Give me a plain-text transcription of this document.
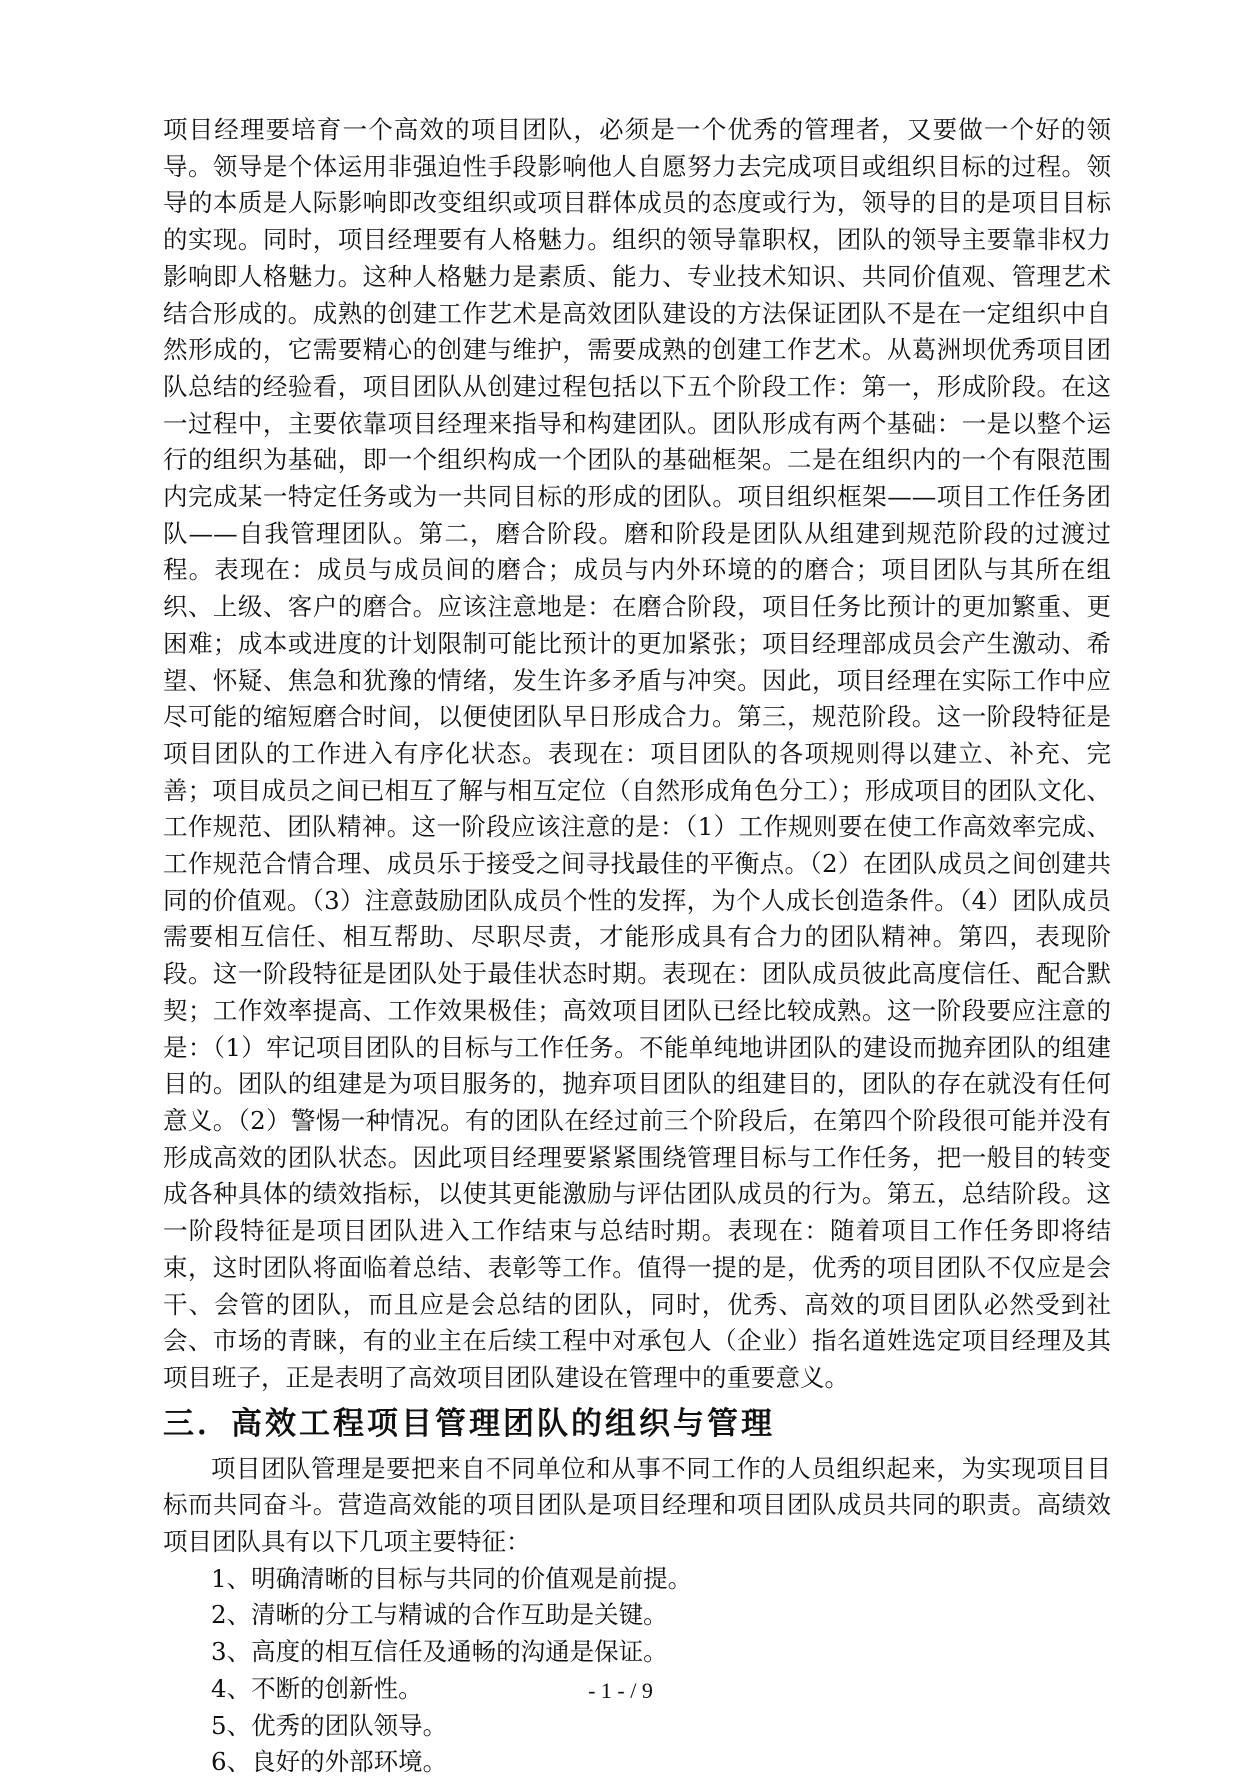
项目经理要培育一个高效的项目团队，必须是一个优秀的管理者，又要做一个好的领导。领导是个体运用非强迫性手段影响他人自愿努力去完成项目或组织目标的过程。领导的本质是人际影响即改变组织或项目群体成员的态度或行为，领导的目的是项目目标的实现。同时，项目经理要有人格魅力。组织的领导靠职权，团队的领导主要靠非权力影响即人格魅力。这种人格魅力是素质、能力、专业技术知识、共同价值观、管理艺术结合形成的。成熟的创建工作艺术是高效团队建设的方法保证团队不是在一定组织中自然形成的，它需要精心的创建与维护，需要成熟的创建工作艺术。从葛洲坝优秀项目团队总结的经验看，项目团队从创建过程包括以下五个阶段工作：第一，形成阶段。在这一过程中，主要依靠项目经理来指导和构建团队。团队形成有两个基础：一是以整个运行的组织为基础，即一个组织构成一个团队的基础框架。二是在组织内的一个有限范围内完成某一特定任务或为一共同目标的形成的团队。项目组织框架——项目工作任务团队——自我管理团队。第二，磨合阶段。磨和阶段是团队从组建到规范阶段的过渡过程。表现在：成员与成员间的磨合；成员与内外环境的的磨合；项目团队与其所在组织、上级、客户的磨合。应该注意地是：在磨合阶段，项目任务比预计的更加繁重、更困难；成本或进度的计划限制可能比预计的更加紧张；项目经理部成员会产生激动、希望、怀疑、焦急和犹豫的情绪，发生许多矛盾与冲突。因此，项目经理在实际工作中应尽可能的缩短磨合时间，以便使团队早日形成合力。第三，规范阶段。这一阶段特征是项目团队的工作进入有序化状态。表现在：项目团队的各项规则得以建立、补充、完善；项目成员之间已相互了解与相互定位（自然形成角色分工）；形成项目的团队文化、工作规范、团队精神。这一阶段应该注意的是：（1）工作规则要在使工作高效率完成、工作规范合情合理、成员乐于接受之间寻找最佳的平衡点。（2）在团队成员之间创建共同的价值观。（3）注意鼓励团队成员个性的发挥，为个人成长创造条件。（4）团队成员需要相互信任、相互帮助、尽职尽责，才能形成具有合力的团队精神。第四，表现阶段。这一阶段特征是团队处于最佳状态时期。表现在：团队成员彼此高度信任、配合默契；工作效率提高、工作效果极佳；高效项目团队已经比较成熟。这一阶段要应注意的是：（1）牢记项目团队的目标与工作任务。不能单纯地讲团队的建设而抛弃团队的组建目的。团队的组建是为项目服务的，抛弃项目团队的组建目的，团队的存在就没有任何意义。（2）警惕一种情况。有的团队在经过前三个阶段后，在第四个阶段很可能并没有形成高效的团队状态。因此项目经理要紧紧围绕管理目标与工作任务，把一般目的转变成各种具体的绩效指标，以使其更能激励与评估团队成员的行为。第五，总结阶段。这一阶段特征是项目团队进入工作结束与总结时期。表现在：随着项目工作任务即将结束，这时团队将面临着总结、表彰等工作。值得一提的是，优秀的项目团队不仅应是会干、会管的团队，而且应是会总结的团队，同时，优秀、高效的项目团队必然受到社会、市场的青睐，有的业主在后续工程中对承包人（企业）指名道姓选定项目经理及其项目班子，正是表明了高效项目团队建设在管理中的重要意义。

三．高效工程项目管理团队的组织与管理

项目团队管理是要把来自不同单位和从事不同工作的人员组织起来，为实现项目目标而共同奋斗。营造高效能的项目团队是项目经理和项目团队成员共同的职责。高绩效项目团队具有以下几项主要特征：

1、明确清晰的目标与共同的价值观是前提。
2、清晰的分工与精诚的合作互助是关键。
3、高度的相互信任及通畅的沟通是保证。
4、不断的创新性。
5、优秀的团队领导。
6、良好的外部环境。
- 1 - / 9
